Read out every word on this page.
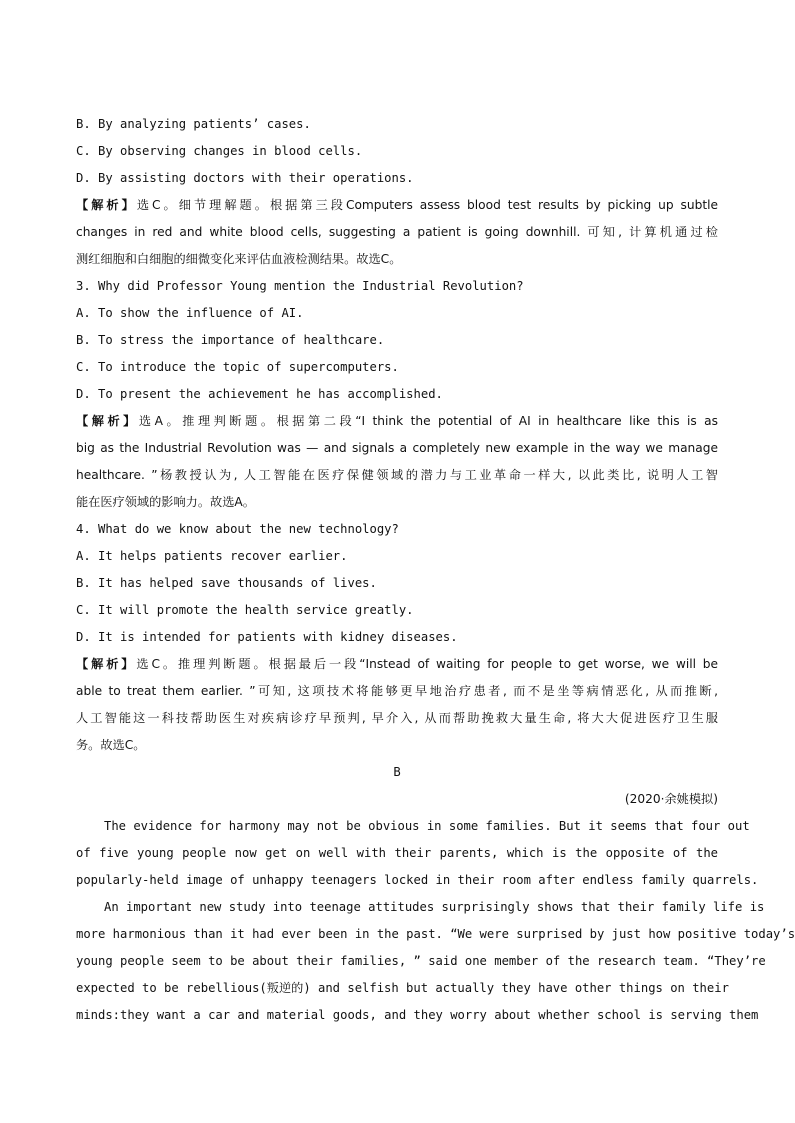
B. By analyzing patients’ cases.
C. By observing changes in blood cells.
D. By assisting doctors with their operations.
【解析】选C。细节理解题。根据第三段Computers assess blood test results by picking up subtle
changes in red and white blood cells, suggesting a patient is going downhill. 可知, 计算机通过检
测红细胞和白细胞的细微变化来评估血液检测结果。故选C。
3. Why did Professor Young mention the Industrial Revolution?
A. To show the influence of AI.
B. To stress the importance of healthcare.
C. To introduce the topic of supercomputers.
D. To present the achievement he has accomplished.
【解析】选A。推理判断题。根据第二段“I think the potential of AI in healthcare like this is as
big as the Industrial Revolution was — and signals a completely new example in the way we manage
healthcare. ”杨教授认为, 人工智能在医疗保健领域的潜力与工业革命一样大, 以此类比, 说明人工智
能在医疗领域的影响力。故选A。
4. What do we know about the new technology?
A. It helps patients recover earlier.
B. It has helped save thousands of lives.
C. It will promote the health service greatly.
D. It is intended for patients with kidney diseases.
【解析】选C。推理判断题。根据最后一段“Instead of waiting for people to get worse, we will be
able to treat them earlier. ”可知, 这项技术将能够更早地治疗患者, 而不是坐等病情恶化, 从而推断,
人工智能这一科技帮助医生对疾病诊疗早预判, 早介入, 从而帮助挽救大量生命, 将大大促进医疗卫生服
务。故选C。
B
(2020·余姚模拟)
The evidence for harmony may not be obvious in some families. But it seems that four out
of five young people now get on well with their parents, which is the opposite of the
popularly-held image of unhappy teenagers locked in their room after endless family quarrels.
An important new study into teenage attitudes surprisingly shows that their family life is
more harmonious than it had ever been in the past. “We were surprised by just how positive today’s
young people seem to be about their families, ” said one member of the research team. “They’re
expected to be rebellious(叛逆的) and selfish but actually they have other things on their
minds:they want a car and material goods, and they worry about whether school is serving them
